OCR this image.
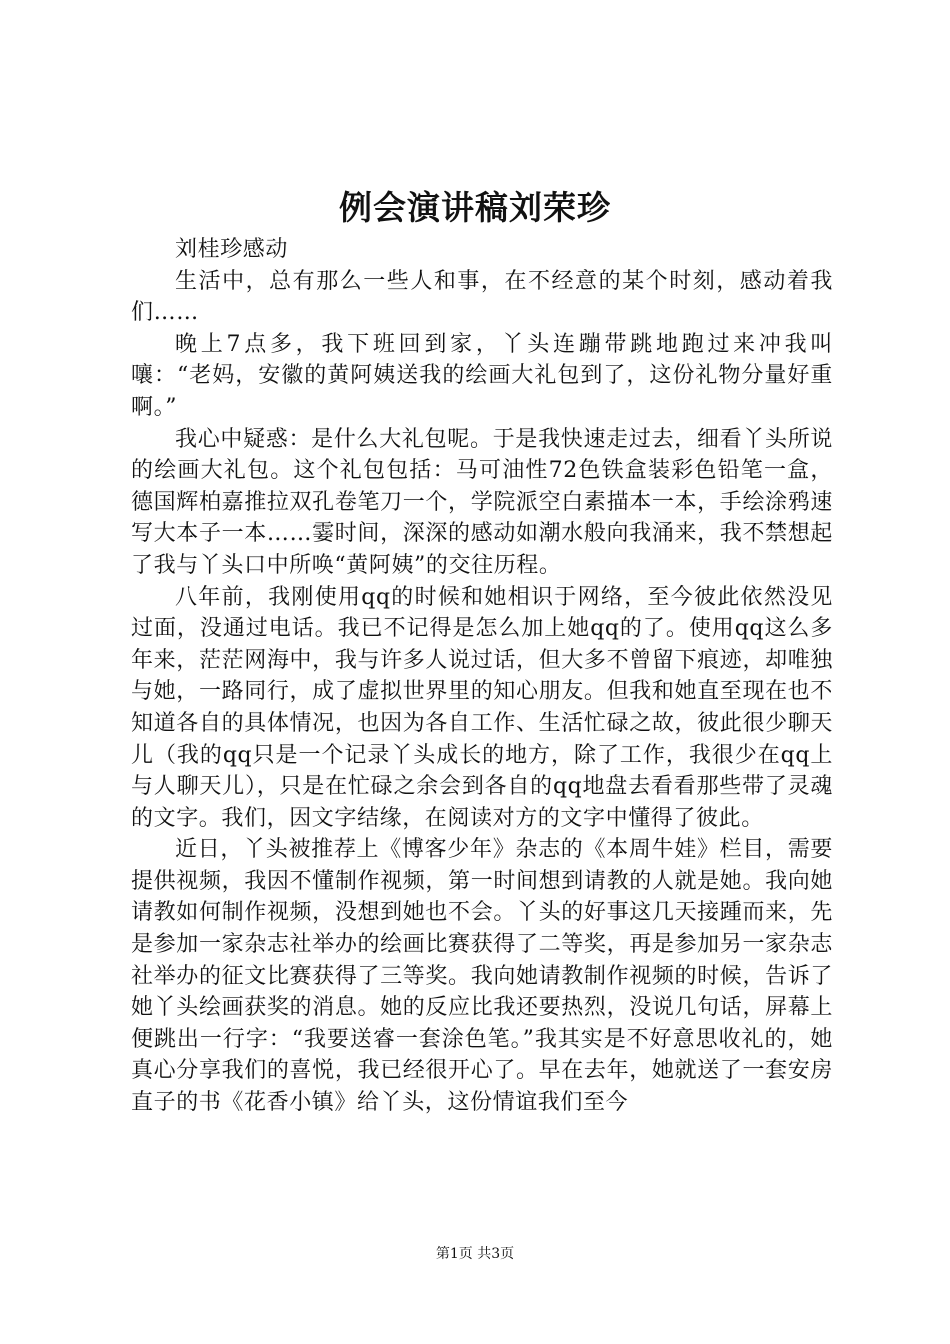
例会演讲稿刘荣珍

刘桂珍感动

生活中，总有那么一些人和事，在不经意的某个时刻，感动着我们……

晚上7点多，我下班回到家，丫头连蹦带跳地跑过来冲我叫嚷：“老妈，安徽的黄阿姨送我的绘画大礼包到了，这份礼物分量好重啊。”

我心中疑惑：是什么大礼包呢。于是我快速走过去，细看丫头所说的绘画大礼包。这个礼包包括：马可油性72色铁盒装彩色铅笔一盒，德国辉柏嘉推拉双孔卷笔刀一个，学院派空白素描本一本，手绘涂鸦速写大本子一本……霎时间，深深的感动如潮水般向我涌来，我不禁想起了我与丫头口中所唤“黄阿姨”的交往历程。

八年前，我刚使用qq的时候和她相识于网络，至今彼此依然没见过面，没通过电话。我已不记得是怎么加上她qq的了。使用qq这么多年来，茫茫网海中，我与许多人说过话，但大多不曾留下痕迹，却唯独与她，一路同行，成了虚拟世界里的知心朋友。但我和她直至现在也不知道各自的具体情况，也因为各自工作、生活忙碌之故，彼此很少聊天儿（我的qq只是一个记录丫头成长的地方，除了工作，我很少在qq上与人聊天儿），只是在忙碌之余会到各自的qq地盘去看看那些带了灵魂的文字。我们，因文字结缘，在阅读对方的文字中懂得了彼此。

近日，丫头被推荐上《博客少年》杂志的《本周牛娃》栏目，需要提供视频，我因不懂制作视频，第一时间想到请教的人就是她。我向她请教如何制作视频，没想到她也不会。丫头的好事这几天接踵而来，先是参加一家杂志社举办的绘画比赛获得了二等奖，再是参加另一家杂志社举办的征文比赛获得了三等奖。我向她请教制作视频的时候，告诉了她丫头绘画获奖的消息。她的反应比我还要热烈，没说几句话，屏幕上便跳出一行字：“我要送睿一套涂色笔。”我其实是不好意思收礼的，她真心分享我们的喜悦，我已经很开心了。早在去年，她就送了一套安房直子的书《花香小镇》给丫头，这份情谊我们至今

第1页 共3页
